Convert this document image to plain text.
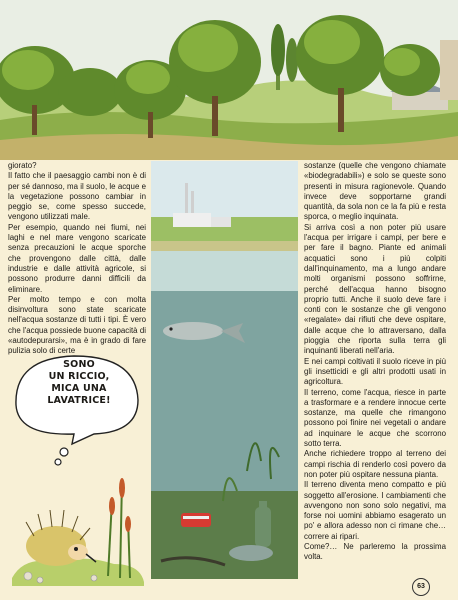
giorato?

Il fatto che il paesaggio cambi non è di per sé dannoso, ma il suolo, le acque e la vegetazione possono cambiar in peggio se, come spesso succede, vengono utilizzati male.

Per esempio, quando nei fiumi, nei laghi e nel mare vengono scaricate senza precauzioni le acque sporche che provengono dalle città, dalle industrie e dalle attività agricole, si possono produrre danni difficili da eliminare.

Per molto tempo e con molta disinvoltura sono state scaricate nell'acqua sostanze di tutti i tipi. È vero che l'acqua possiede buone capacità di «autodepurarsi», ma è in grado di fare pulizia solo di certe

sostanze (quelle che vengono chiamate «biodegradabili») e solo se queste sono presenti in misura ragionevole. Quando invece deve sopportarne grandi quantità, da sola non ce la fa più e resta sporca, o meglio inquinata.

Si arriva così a non poter più usare l'acqua per irrigare i campi, per bere e per fare il bagno. Piante ed animali acquatici sono i più colpiti dall'inquinamento, ma a lungo andare molti organismi possono soffrirne, perché dell'acqua hanno bisogno proprio tutti. Anche il suolo deve fare i conti con le sostanze che gli vengono «regalate» dai rifiuti che deve ospitare, dalle acque che lo attraversano, dalla pioggia che riporta sulla terra gli inquinanti liberati nell'aria.

E nei campi coltivati il suolo riceve in più gli insetticidi e gli altri prodotti usati in agricoltura.

Il terreno, come l'acqua, riesce in parte a trasformare e a rendere innocue certe sostanze, ma quelle che rimangono possono poi finire nei vegetali o andare ad inquinare le acque che scorrono sotto terra.

Anche richiedere troppo al terreno dei campi rischia di renderlo così povero da non poter più ospitare nessuna pianta.

Il terreno diventa meno compatto e più soggetto all'erosione. I cambiamenti che avvengono non sono solo negativi, ma forse noi uomini abbiamo esagerato un po' e allora adesso non ci rimane che… correre ai ripari.

Come?… Ne parleremo la prossima volta.

SONO
UN RICCIO,
MICA UNA
LAVATRICE!
63
